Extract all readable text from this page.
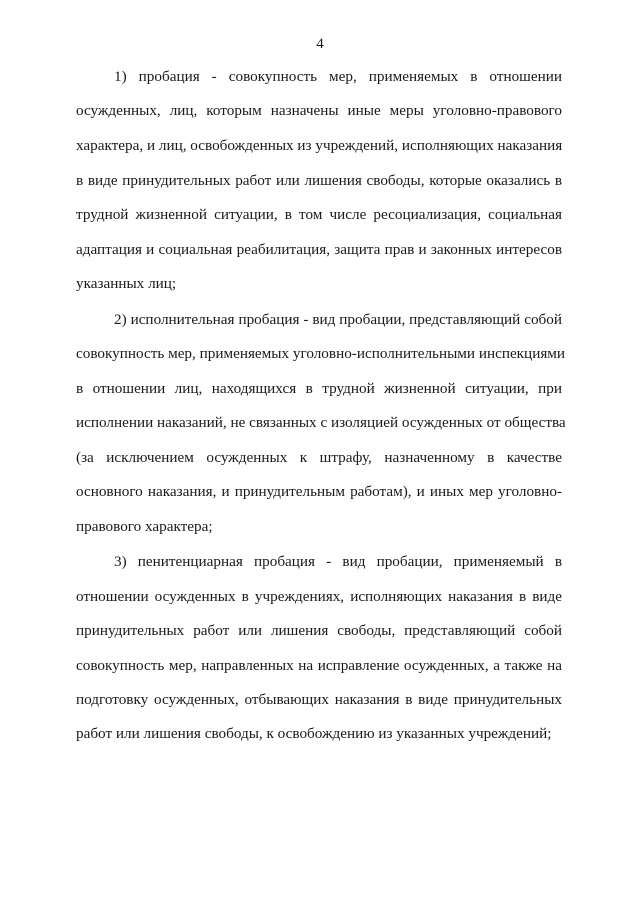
4
1) пробация - совокупность мер, применяемых в отношении
осужденных, лиц, которым назначены иные меры уголовно-правового
характера, и лиц, освобожденных из учреждений, исполняющих наказания
в виде принудительных работ или лишения свободы, которые оказались в
трудной жизненной ситуации, в том числе ресоциализация, социальная
адаптация и социальная реабилитация, защита прав и законных интересов
указанных лиц;
2) исполнительная пробация - вид пробации, представляющий собой
совокупность мер, применяемых уголовно-исполнительными инспекциями
в отношении лиц, находящихся в трудной жизненной ситуации, при
исполнении наказаний, не связанных с изоляцией осужденных от общества
(за исключением осужденных к штрафу, назначенному в качестве
основного наказания, и принудительным работам), и иных мер уголовно-
правового характера;
3) пенитенциарная пробация - вид пробации, применяемый в
отношении осужденных в учреждениях, исполняющих наказания в виде
принудительных работ или лишения свободы, представляющий собой
совокупность мер, направленных на исправление осужденных, а также на
подготовку осужденных, отбывающих наказания в виде принудительных
работ или лишения свободы, к освобождению из указанных учреждений;
